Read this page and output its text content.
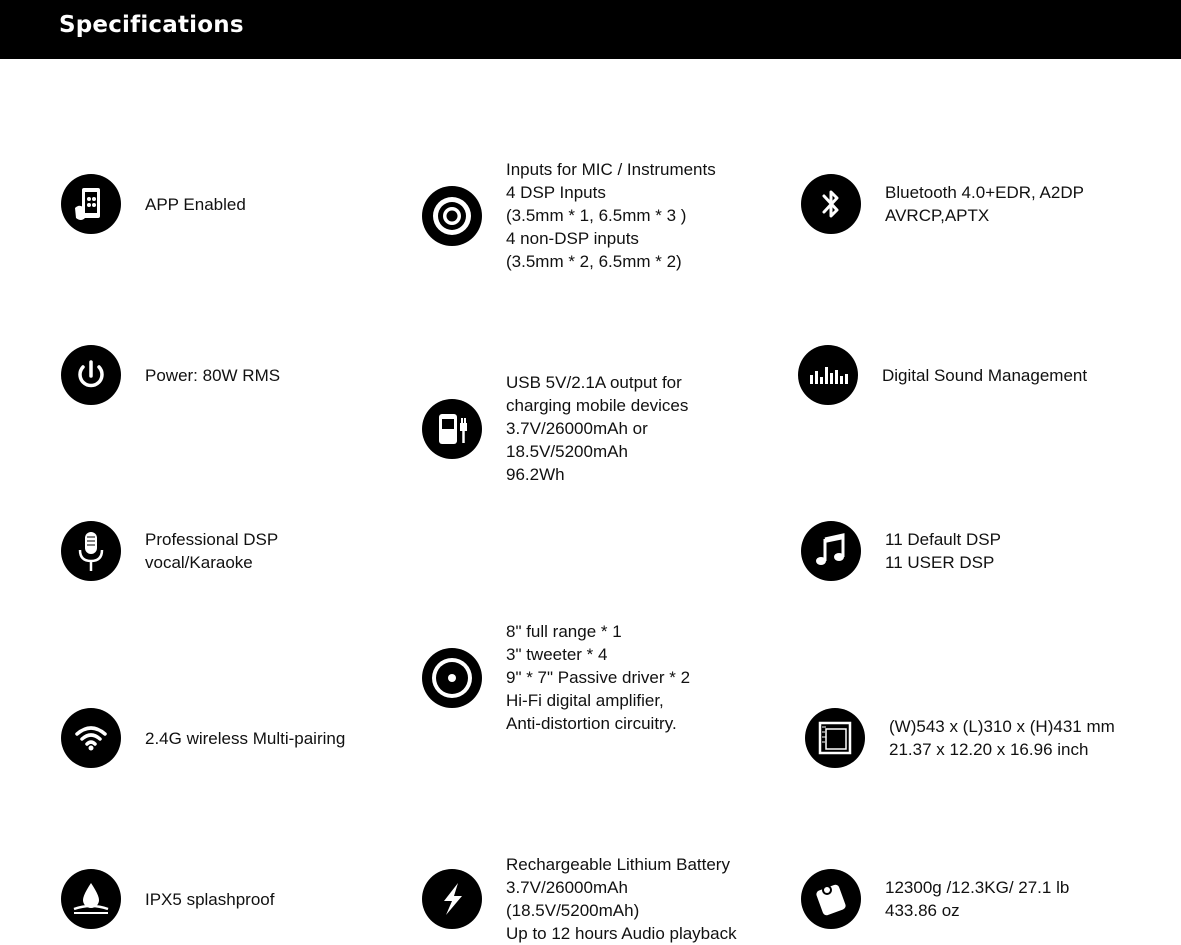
Specifications
APP Enabled
Power: 80W RMS
Professional DSP
vocal/Karaoke
2.4G wireless Multi-pairing
IPX5 splashproof
Inputs for MIC / Instruments
4 DSP Inputs
(3.5mm * 1, 6.5mm * 3 )
4 non-DSP inputs
(3.5mm * 2, 6.5mm * 2)
USB 5V/2.1A output for
charging mobile devices
3.7V/26000mAh or
18.5V/5200mAh
96.2Wh
8" full range * 1
3" tweeter * 4
9" * 7" Passive driver * 2
Hi-Fi digital amplifier,
Anti-distortion circuitry.
Rechargeable Lithium Battery
3.7V/26000mAh
(18.5V/5200mAh)
Up to 12 hours Audio playback
Bluetooth 4.0+EDR, A2DP
AVRCP,APTX
Digital Sound Management
11 Default DSP
11 USER DSP
(W)543 x (L)310 x (H)431 mm
21.37 x 12.20 x 16.96 inch
12300g /12.3KG/ 27.1 lb
433.86 oz
